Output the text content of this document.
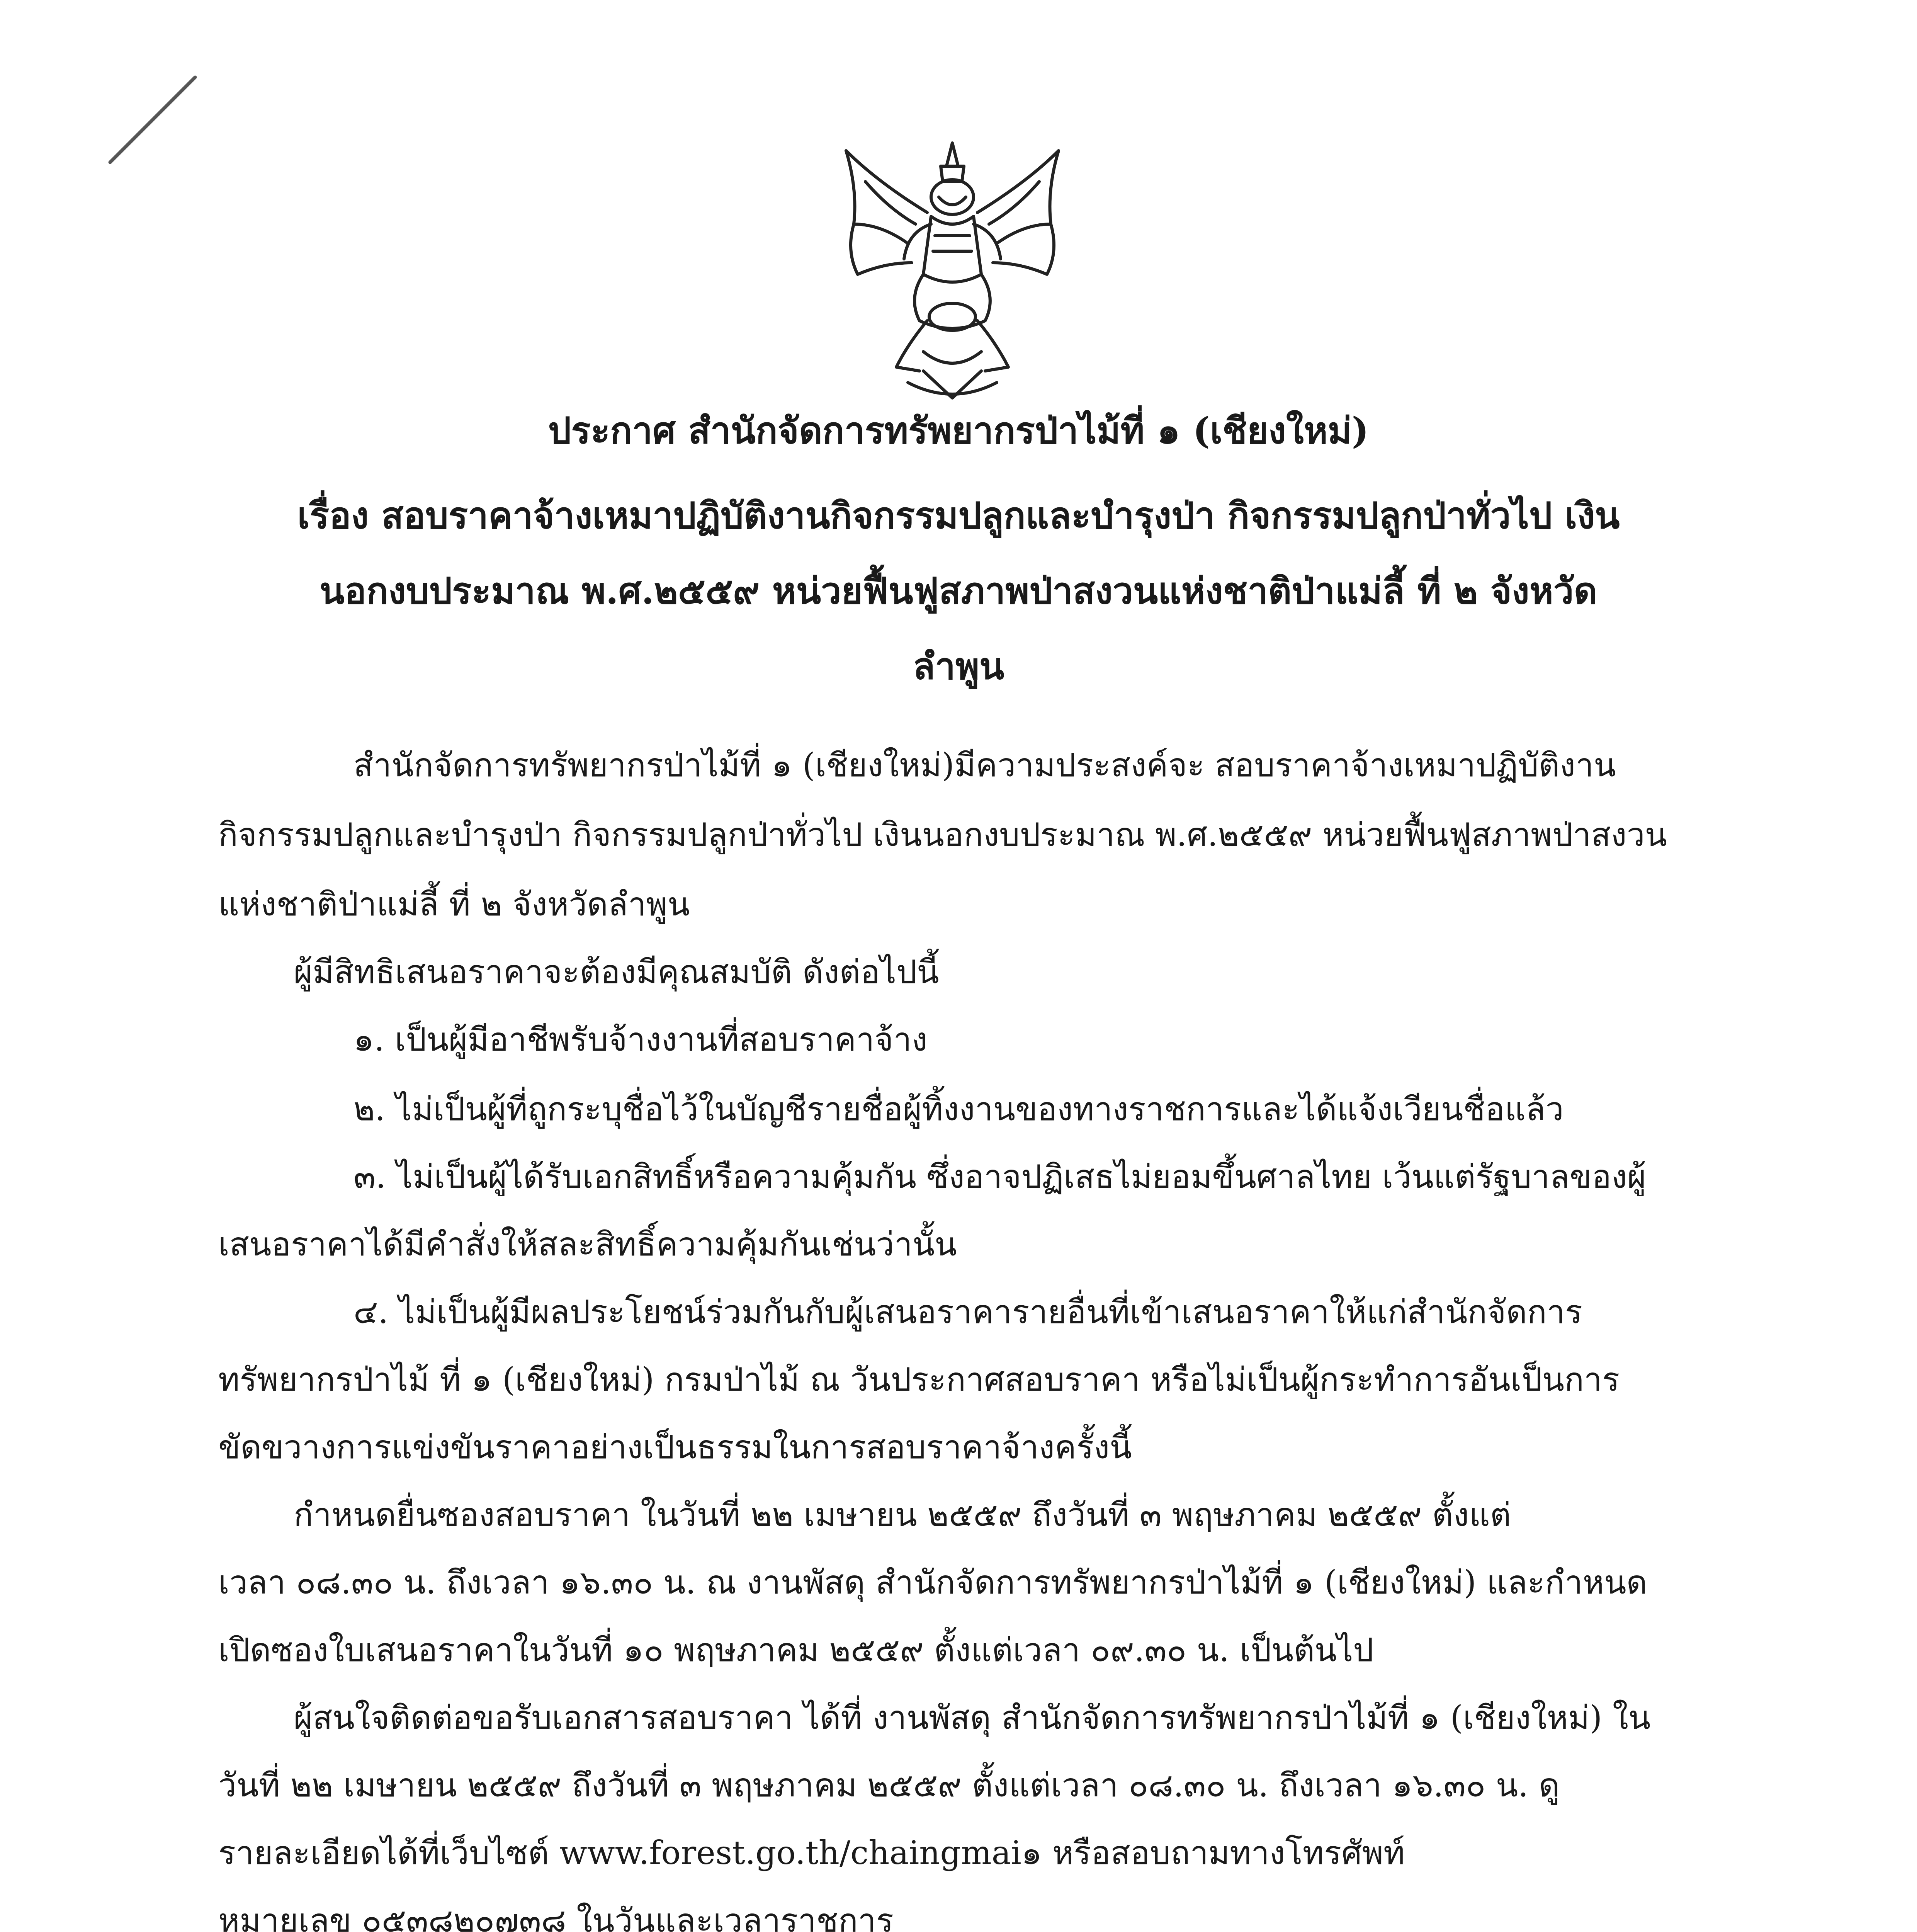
ประกาศ สำนักจัดการทรัพยากรป่าไม้ที่ ๑ (เชียงใหม่)

เรื่อง สอบราคาจ้างเหมาปฏิบัติงานกิจกรรมปลูกและบำรุงป่า กิจกรรมปลูกป่าทั่วไป เงิน

นอกงบประมาณ พ.ศ.๒๕๕๙ หน่วยฟื้นฟูสภาพป่าสงวนแห่งชาติป่าแม่ลี้ ที่ ๒ จังหวัด

ลำพูน

สำนักจัดการทรัพยากรป่าไม้ที่ ๑ (เชียงใหม่)มีความประสงค์จะ สอบราคาจ้างเหมาปฏิบัติงาน

กิจกรรมปลูกและบำรุงป่า กิจกรรมปลูกป่าทั่วไป เงินนอกงบประมาณ พ.ศ.๒๕๕๙ หน่วยฟื้นฟูสภาพป่าสงวน

แห่งชาติป่าแม่ลี้ ที่ ๒ จังหวัดลำพูน

ผู้มีสิทธิเสนอราคาจะต้องมีคุณสมบัติ ดังต่อไปนี้

๑. เป็นผู้มีอาชีพรับจ้างงานที่สอบราคาจ้าง

๒. ไม่เป็นผู้ที่ถูกระบุชื่อไว้ในบัญชีรายชื่อผู้ทิ้งงานของทางราชการและได้แจ้งเวียนชื่อแล้ว

๓. ไม่เป็นผู้ได้รับเอกสิทธิ์หรือความคุ้มกัน ซึ่งอาจปฏิเสธไม่ยอมขึ้นศาลไทย เว้นแต่รัฐบาลของผู้

เสนอราคาได้มีคำสั่งให้สละสิทธิ์ความคุ้มกันเช่นว่านั้น

๔. ไม่เป็นผู้มีผลประโยชน์ร่วมกันกับผู้เสนอราคารายอื่นที่เข้าเสนอราคาให้แก่สำนักจัดการ

ทรัพยากรป่าไม้ ที่ ๑ (เชียงใหม่) กรมป่าไม้ ณ วันประกาศสอบราคา หรือไม่เป็นผู้กระทำการอันเป็นการ

ขัดขวางการแข่งขันราคาอย่างเป็นธรรมในการสอบราคาจ้างครั้งนี้

กำหนดยื่นซองสอบราคา ในวันที่ ๒๒ เมษายน ๒๕๕๙ ถึงวันที่ ๓ พฤษภาคม ๒๕๕๙ ตั้งแต่

เวลา ๐๘.๓๐ น. ถึงเวลา ๑๖.๓๐ น. ณ งานพัสดุ สำนักจัดการทรัพยากรป่าไม้ที่ ๑ (เชียงใหม่) และกำหนด

เปิดซองใบเสนอราคาในวันที่ ๑๐ พฤษภาคม ๒๕๕๙ ตั้งแต่เวลา ๐๙.๓๐ น. เป็นต้นไป

ผู้สนใจติดต่อขอรับเอกสารสอบราคา ได้ที่ งานพัสดุ สำนักจัดการทรัพยากรป่าไม้ที่ ๑ (เชียงใหม่) ใน

วันที่ ๒๒ เมษายน ๒๕๕๙ ถึงวันที่ ๓ พฤษภาคม ๒๕๕๙ ตั้งแต่เวลา ๐๘.๓๐ น. ถึงเวลา ๑๖.๓๐ น. ดู

รายละเอียดได้ที่เว็บไซต์ www.forest.go.th/chaingmai๑ หรือสอบถามทางโทรศัพท์

หมายเลข ๐๕๓๘๒๐๗๓๘ ในวันและเวลาราชการ
